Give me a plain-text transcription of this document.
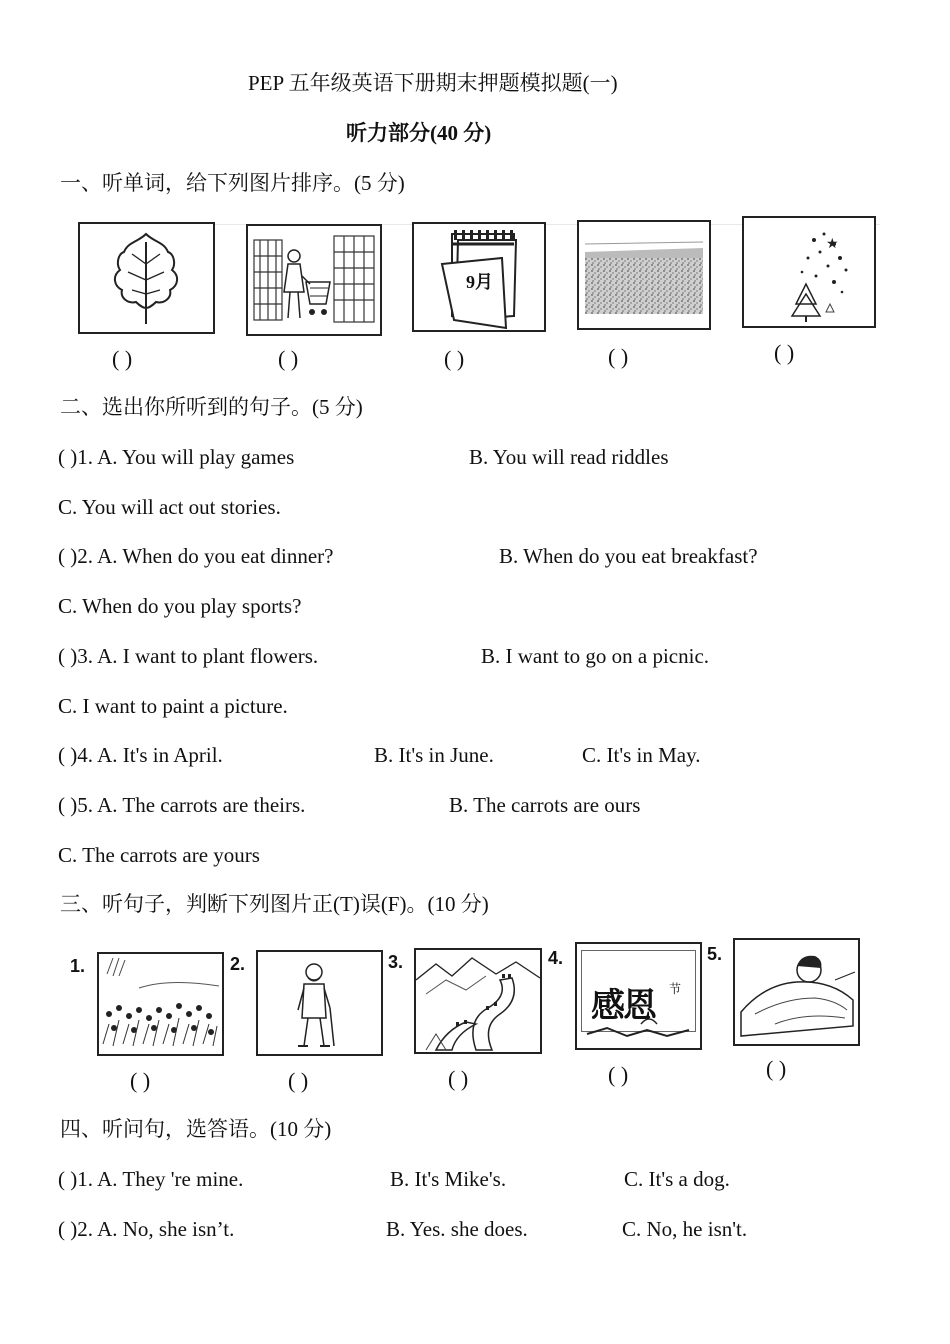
PEP 五年级英语下册期末押题模拟题(一)
听力部分(40 分)
一、听单词，给下列图片排序。(5 分)
9月
★
( )	( )	( )	( )	( )
二、选出你所听到的句子。(5 分)
( )1. A. You will play games	B. You will read riddles
C. You will act out stories.
( )2. A. When do you eat dinner?	B. When do you eat breakfast?
C. When do you play sports?
( )3. A. I want to plant flowers.	B. I want to go on a picnic.
C. I want to paint a picture.
( )4. A. It's in April.	B. It's in June.	C. It's in May.
( )5. A. The carrots are theirs.	B. The carrots are ours
C. The carrots are yours
三、听句子，判断下列图片正(T)误(F)。(10 分)
1.	2.	3.	4.	5.
感恩 节
( )	( )	( )	( )	( )
四、听问句，选答语。(10 分)
( )1. A. They 're mine.	B. It's Mike's.	C. It's a dog.
( )2. A. No, she isn’t.	B. Yes. she does.	C. No, he isn't.
